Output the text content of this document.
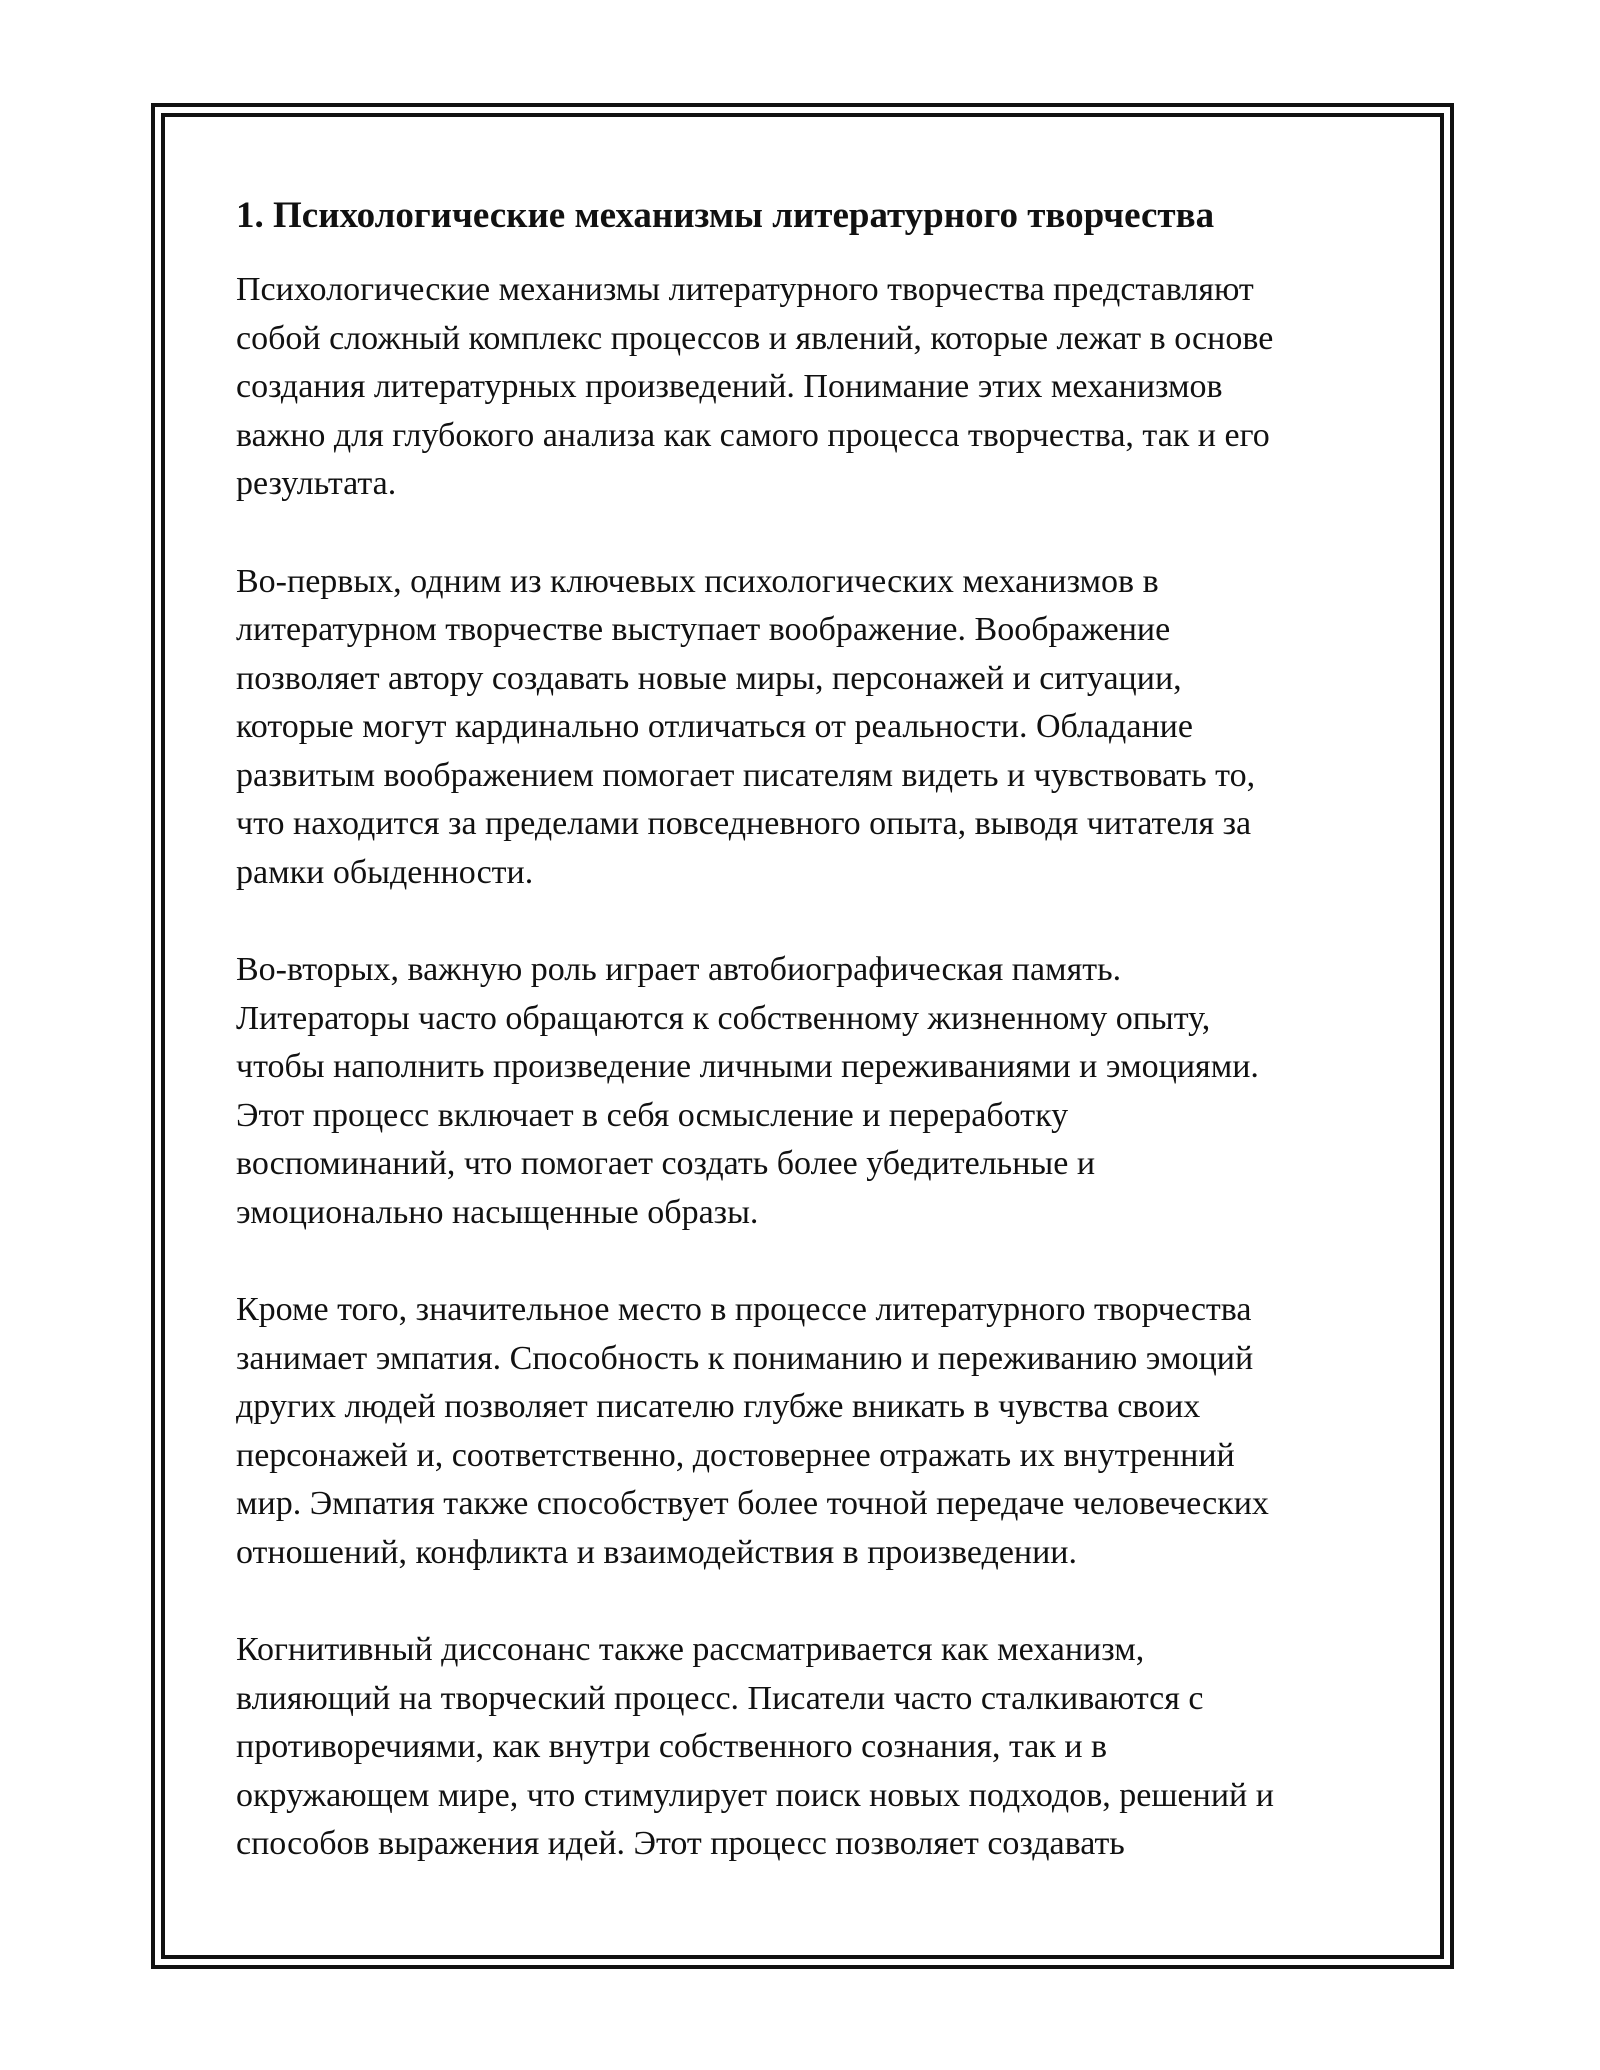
1. Психологические механизмы литературного творчества

Психологические механизмы литературного творчества представляют
собой сложный комплекс процессов и явлений, которые лежат в основе
создания литературных произведений. Понимание этих механизмов
важно для глубокого анализа как самого процесса творчества, так и его
результата.

Во-первых, одним из ключевых психологических механизмов в
литературном творчестве выступает воображение. Воображение
позволяет автору создавать новые миры, персонажей и ситуации,
которые могут кардинально отличаться от реальности. Обладание
развитым воображением помогает писателям видеть и чувствовать то,
что находится за пределами повседневного опыта, выводя читателя за
рамки обыденности.

Во-вторых, важную роль играет автобиографическая память.
Литераторы часто обращаются к собственному жизненному опыту,
чтобы наполнить произведение личными переживаниями и эмоциями.
Этот процесс включает в себя осмысление и переработку
воспоминаний, что помогает создать более убедительные и
эмоционально насыщенные образы.

Кроме того, значительное место в процессе литературного творчества
занимает эмпатия. Способность к пониманию и переживанию эмоций
других людей позволяет писателю глубже вникать в чувства своих
персонажей и, соответственно, достовернее отражать их внутренний
мир. Эмпатия также способствует более точной передаче человеческих
отношений, конфликта и взаимодействия в произведении.

Когнитивный диссонанс также рассматривается как механизм,
влияющий на творческий процесс. Писатели часто сталкиваются с
противоречиями, как внутри собственного сознания, так и в
окружающем мире, что стимулирует поиск новых подходов, решений и
способов выражения идей. Этот процесс позволяет создавать
